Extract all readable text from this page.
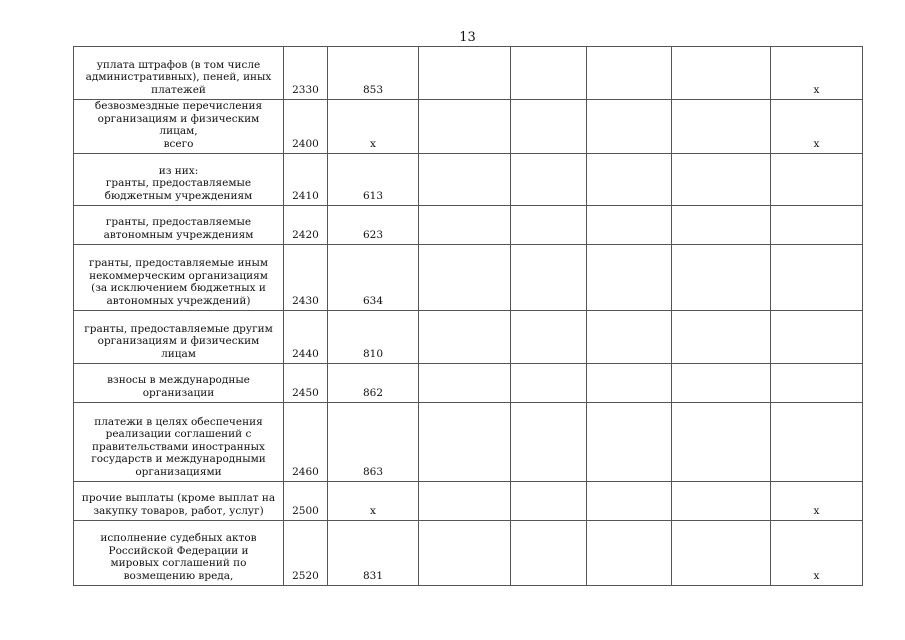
13
уплата штрафов (в том числе
административных), пеней, иных
платежей	2330	853					x
безвозмездные перечисления
организациям и физическим лицам,
всего	2400	x					x
из них:
гранты, предоставляемые
бюджетным учреждениям	2410	613					
гранты, предоставляемые
автономным учреждениям	2420	623					
гранты, предоставляемые иным
некоммерческим организациям
(за исключением бюджетных и
автономных учреждений)	2430	634					
гранты, предоставляемые другим
организациям и физическим
лицам	2440	810					
взносы в международные
организации	2450	862					
платежи в целях обеспечения
реализации соглашений с
правительствами иностранных
государств и международными
организациями	2460	863					
прочие выплаты (кроме выплат на
закупку товаров, работ, услуг)	2500	x					x
исполнение судебных актов
Российской Федерации и
мировых соглашений по
возмещению вреда,	2520	831					x
